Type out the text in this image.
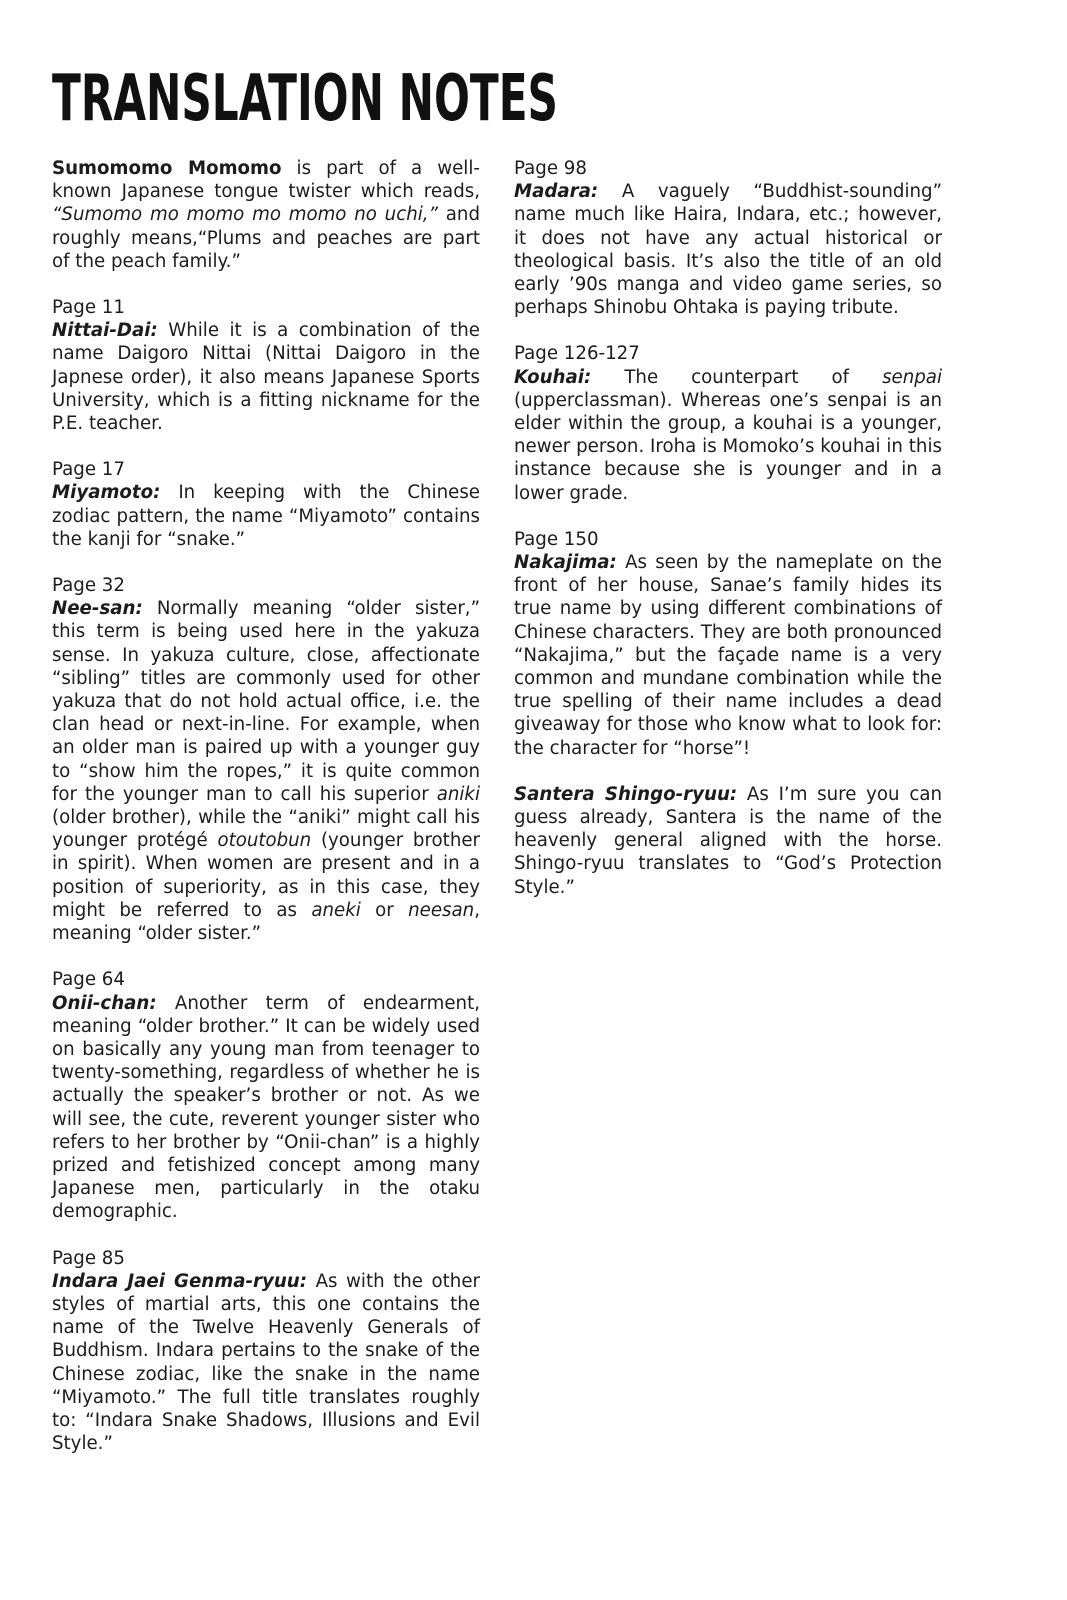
TRANSLATION NOTES

Sumomomo Momomo is part of a well-known Japanese tongue twister which reads, “Sumomo mo momo mo momo no uchi,” and roughly means,“Plums and peaches are part of the peach family.”

Page 11

Nittai-Dai: While it is a combination of the name Daigoro Nittai (Nittai Daigoro in the Japnese order), it also means Japanese Sports University, which is a fitting nickname for the P.E. teacher.

Page 17

Miyamoto: In keeping with the Chinese zodiac pattern, the name “Miyamoto” contains the kanji for “snake.”

Page 32

Nee-san: Normally meaning “older sister,” this term is being used here in the yakuza sense. In yakuza culture, close, affectionate “sibling” titles are commonly used for other yakuza that do not hold actual office, i.e. the clan head or next-in-line. For example, when an older man is paired up with a younger guy to “show him the ropes,” it is quite common for the younger man to call his superior aniki (older brother), while the “aniki” might call his younger protégé otoutobun (younger brother in spirit). When women are present and in a position of superiority, as in this case, they might be referred to as aneki or neesan, meaning “older sister.”

Page 64

Onii-chan: Another term of endearment, meaning “older brother.” It can be widely used on basically any young man from teenager to twenty-something, regardless of whether he is actually the speaker’s brother or not. As we will see, the cute, reverent younger sister who refers to her brother by “Onii-chan” is a highly prized and fetishized concept among many Japanese men, particularly in the otaku demographic.

Page 85

Indara Jaei Genma-ryuu: As with the other styles of martial arts, this one contains the name of the Twelve Heavenly Generals of Buddhism. Indara pertains to the snake of the Chinese zodiac, like the snake in the name “Miyamoto.” The full title translates roughly to: “Indara Snake Shadows, Illusions and Evil Style.”

Page 98

Madara: A vaguely “Buddhist-sounding” name much like Haira, Indara, etc.; however, it does not have any actual historical or theological basis. It’s also the title of an old early ’90s manga and video game series, so perhaps Shinobu Ohtaka is paying tribute.

Page 126-127

Kouhai: The counterpart of senpai (upperclassman). Whereas one’s senpai is an elder within the group, a kouhai is a younger, newer person. Iroha is Momoko’s kouhai in this instance because she is younger and in a lower grade.

Page 150

Nakajima: As seen by the nameplate on the front of her house, Sanae’s family hides its true name by using different combinations of Chinese characters. They are both pronounced “Nakajima,” but the façade name is a very common and mundane combination while the true spelling of their name includes a dead giveaway for those who know what to look for: the character for “horse”!

Santera Shingo-ryuu: As I’m sure you can guess already, Santera is the name of the heavenly general aligned with the horse. Shingo-ryuu translates to “God’s Protection Style.”
